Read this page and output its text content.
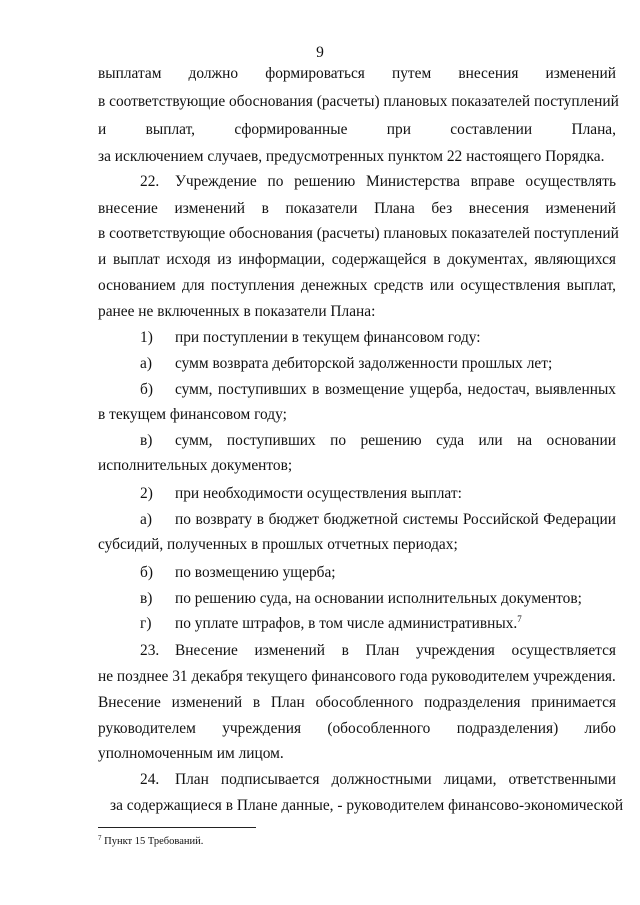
9
выплатам должно формироваться путем внесения изменений
в соответствующие обоснования (расчеты) плановых показателей поступлений
и выплат, сформированные при составлении Плана,
за исключением случаев, предусмотренных пунктом 22 настоящего Порядка.
22. Учреждение по решению Министерства вправе осуществлять
внесение изменений в показатели Плана без внесения изменений
в соответствующие обоснования (расчеты) плановых показателей поступлений
и выплат исходя из информации, содержащейся в документах, являющихся
основанием для поступления денежных средств или осуществления выплат,
ранее не включенных в показатели Плана:
1) при поступлении в текущем финансовом году:
а) сумм возврата дебиторской задолженности прошлых лет;
б) сумм, поступивших в возмещение ущерба, недостач, выявленных
в текущем финансовом году;
в) сумм, поступивших по решению суда или на основании
исполнительных документов;
2) при необходимости осуществления выплат:
а) по возврату в бюджет бюджетной системы Российской Федерации
субсидий, полученных в прошлых отчетных периодах;
б) по возмещению ущерба;
в) по решению суда, на основании исполнительных документов;
г) по уплате штрафов, в том числе административных.$^7$
23. Внесение изменений в План учреждения осуществляется
не позднее 31 декабря текущего финансового года руководителем учреждения.
Внесение изменений в План обособленного подразделения принимается
руководителем учреждения (обособленного подразделения) либо
уполномоченным им лицом.
24. План подписывается должностными лицами, ответственными
за содержащиеся в Плане данные, - руководителем финансово-экономической
$^7$ Пункт 15 Требований.
